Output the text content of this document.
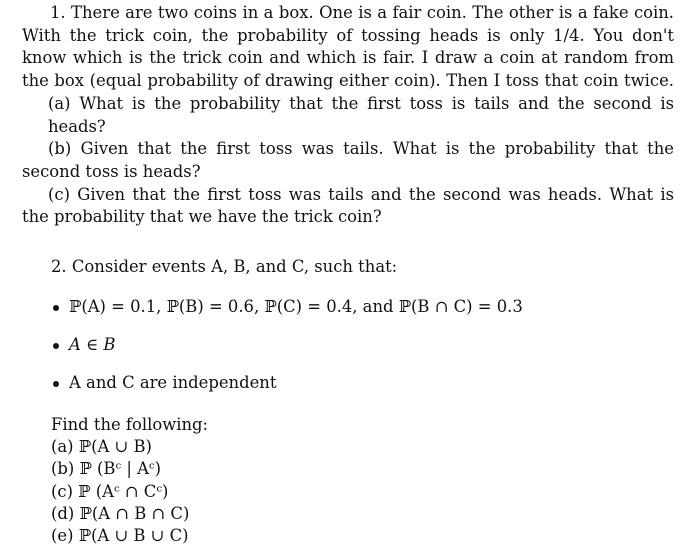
1. There are two coins in a box. One is a fair coin. The other is a fake coin.
With the trick coin, the probability of tossing heads is only 1/4. You don't
know which is the trick coin and which is fair. I draw a coin at random from
the box (equal probability of drawing either coin). Then I toss that coin twice.
(a) What is the probability that the first toss is tails and the second is heads?
(b) Given that the first toss was tails. What is the probability that the
second toss is heads?
(c) Given that the first toss was tails and the second was heads. What is
the probability that we have the trick coin?

2. Consider events A, B, and C, such that:

ℙ(A) = 0.1, ℙ(B) = 0.6, ℙ(C) = 0.4, and ℙ(B ∩ C) = 0.3
A ∈ B
A and C are independent
Find the following:
(a) ℙ(A ∪ B)
(b) ℙ (Bᶜ | Aᶜ)
(c) ℙ (Aᶜ ∩ Cᶜ)
(d) ℙ(A ∩ B ∩ C)
(e) ℙ(A ∪ B ∪ C)
